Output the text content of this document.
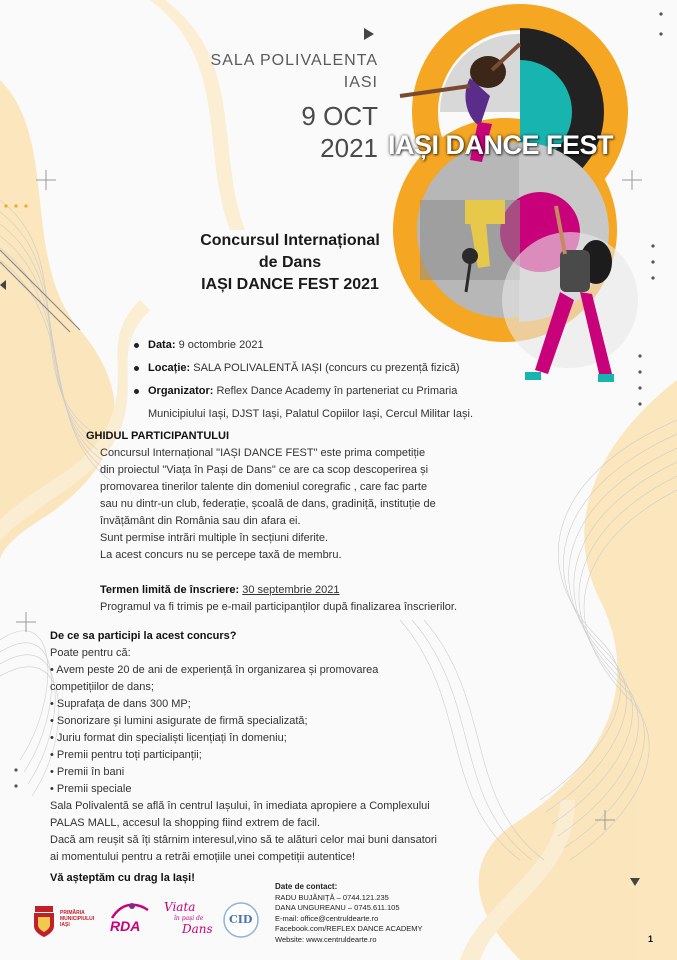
SALA POLIVALENTA
IASI
9 OCT
2021 IAȘI DANCE FEST
Concursul Internațional
de Dans
IAȘI DANCE FEST 2021
Data: 9 octombrie 2021
Locație: SALA POLIVALENTĂ IAȘI (concurs cu prezență fizică)
Organizator: Reflex Dance Academy în parteneriat cu Primaria
Municipiului Iași, DJST Iași, Palatul Copiilor Iași, Cercul Militar Iași.
GHIDUL PARTICIPANTULUI
Concursul Internațional "IAȘI DANCE FEST" este prima competiție
din proiectul "Viața în Pași de Dans" ce are ca scop descoperirea și
promovarea tinerilor talente din domeniul coregrafic , care fac parte
sau nu dintr-un club, federație, școală de dans, gradiniță, instituție de
învățământ din România sau din afara ei.
Sunt permise intrări multiple în secțiuni diferite.
La acest concurs nu se percepe taxă de membru.
Termen limită de înscriere: 30 septembrie 2021
Programul va fi trimis pe e-mail participanților după finalizarea înscrierilor.
De ce sa participi la acest concurs?
Poate pentru că:
• Avem peste 20 de ani de experiență în organizarea și promovarea
competițiilor de dans;
• Suprafața de dans 300 MP;
• Sonorizare și lumini asigurate de firmă specializată;
• Juriu format din specialiști licențiați în domeniu;
• Premii pentru toți participanții;
• Premii în bani
• Premii speciale
Sala Polivalentă se află în centrul Iașului, în imediata apropiere a Complexului
PALAS MALL, accesul la shopping fiind extrem de facil.
Dacă am reușit să îți stârnim interesul,vino să te alături celor mai buni dansatori
ai momentului pentru a retrăi emoțiile unei competiții autentice!
Vă așteptăm cu drag la Iași!
Date de contact:
RADU BUJĂNIȚĂ – 0744.121.235
DANA UNGUREANU – 0745.611.105
E-mail: office@centruldearte.ro
Facebook.com/REFLEX DANCE ACADEMY
Website: www.centruldearte.ro
PRIMĂRIA
MUNICIPIULUI
IAȘI	RDA
Viata
în pași de
Dans
CID
1
